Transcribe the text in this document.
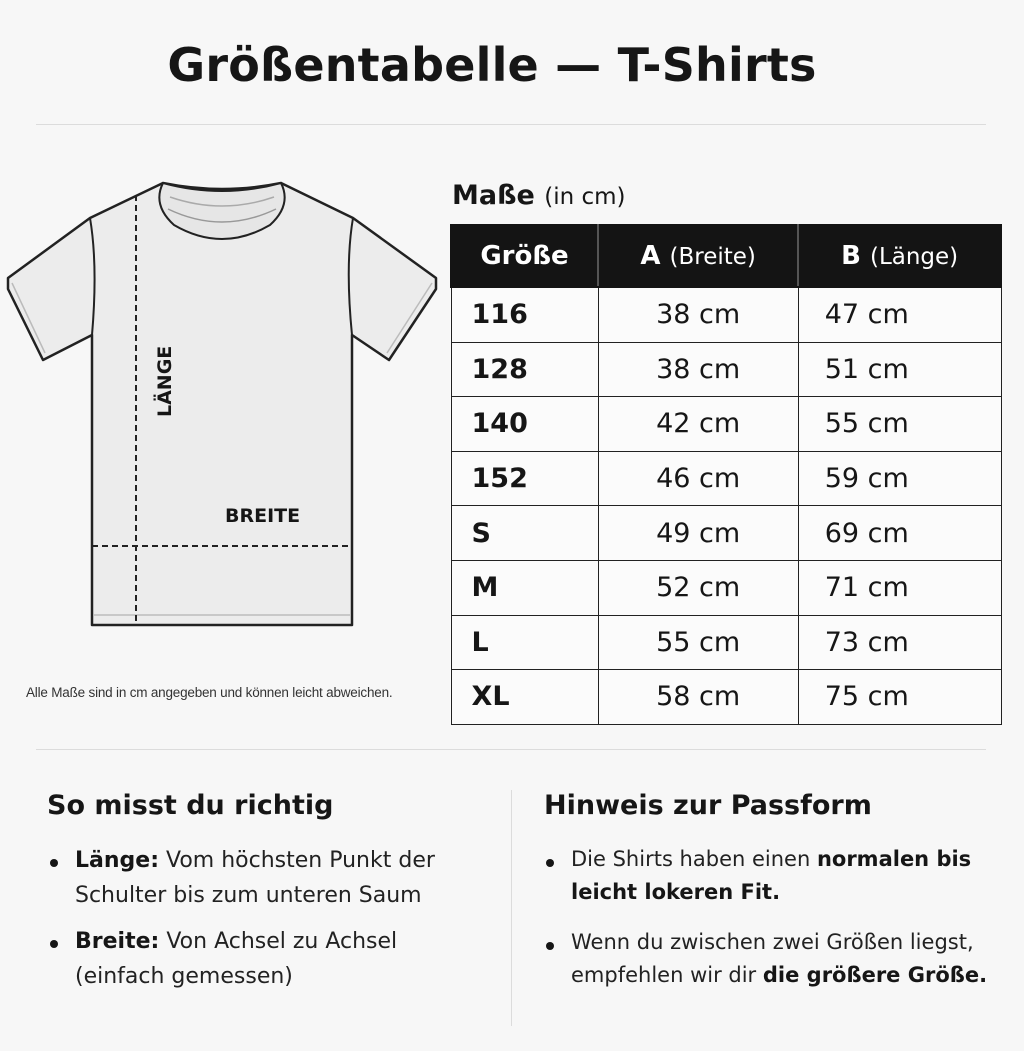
Größentabelle — T-Shirts
LÄNGE
BREITE
Alle Maße sind in cm angegeben und können leicht abweichen.
Maße (in cm)
Größe	A (Breite)	B (Länge)
116	38 cm	47 cm
128	38 cm	51 cm
140	42 cm	55 cm
152	46 cm	59 cm
S	49 cm	69 cm
M	52 cm	71 cm
L	55 cm	73 cm
XL	58 cm	75 cm
So misst du richtig
Länge: Vom höchsten Punkt der Schulter bis zum unteren Saum
Breite: Von Achsel zu Achsel (einfach gemessen)
Hinweis zur Passform
Die Shirts haben einen normalen bis leicht lokeren Fit.
Wenn du zwischen zwei Größen liegst, empfehlen wir dir die größere Größe.
